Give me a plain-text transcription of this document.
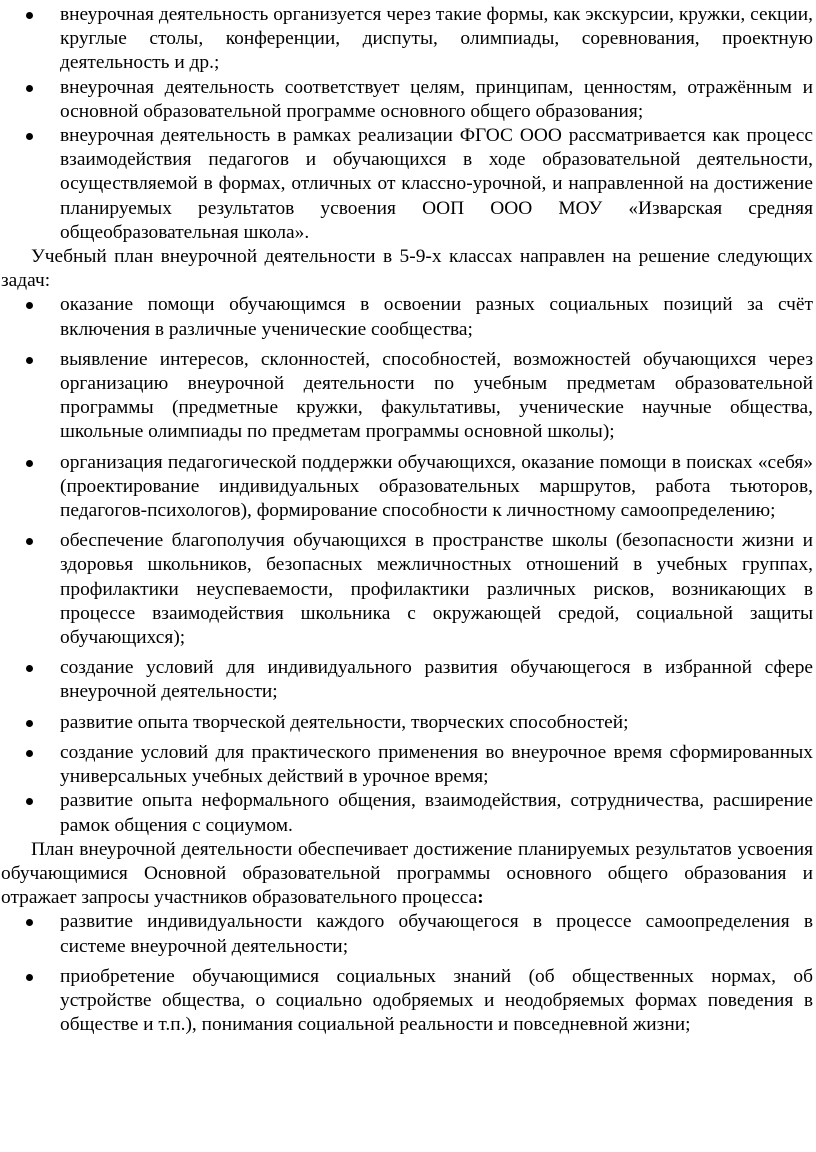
внеурочная деятельность организуется через такие формы, как экскурсии, кружки, секции, круглые столы, конференции, диспуты, олимпиады, соревнования, проектную деятельность и др.;
внеурочная деятельность соответствует целям, принципам, ценностям, отражённым и основной образовательной программе основного общего образования;
внеурочная деятельность в рамках реализации ФГОС ООО рассматривается как процесс взаимодействия педагогов и обучающихся в ходе образовательной деятельности, осуществляемой в формах, отличных от классно-урочной, и направленной на достижение планируемых результатов усвоения ООП ООО МОУ «Изварская средняя общеобразовательная школа».

Учебный план внеурочной деятельности в 5-9-х классах направлен на решение следующих задач:

оказание помощи обучающимся в освоении разных социальных позиций за счёт включения в различные ученические сообщества;
выявление интересов, склонностей, способностей, возможностей обучающихся через организацию внеурочной деятельности по учебным предметам образовательной программы (предметные кружки, факультативы, ученические научные общества, школьные олимпиады по предметам программы основной школы);
организация педагогической поддержки обучающихся, оказание помощи в поисках «себя» (проектирование индивидуальных образовательных маршрутов, работа тьюторов, педагогов-психологов), формирование способности к личностному самоопределению;
обеспечение благополучия обучающихся в пространстве школы (безопасности жизни и здоровья школьников, безопасных межличностных отношений в учебных группах, профилактики неуспеваемости, профилактики различных рисков, возникающих в процессе взаимодействия школьника с окружающей средой, социальной защиты обучающихся);
создание условий для индивидуального развития обучающегося в избранной сфере внеурочной деятельности;
развитие опыта творческой деятельности, творческих способностей;
создание условий для практического применения во внеурочное время сформированных универсальных учебных действий в урочное время;
развитие опыта неформального общения, взаимодействия, сотрудничества, расширение рамок общения с социумом.

План внеурочной деятельности обеспечивает достижение планируемых результатов усвоения обучающимися Основной образовательной программы основного общего образования и отражает запросы участников образовательного процесса:

развитие индивидуальности каждого обучающегося в процессе самоопределения в системе внеурочной деятельности;
приобретение обучающимися социальных знаний (об общественных нормах, об устройстве общества, о социально одобряемых и неодобряемых формах поведения в обществе и т.п.), понимания социальной реальности и повседневной жизни;
